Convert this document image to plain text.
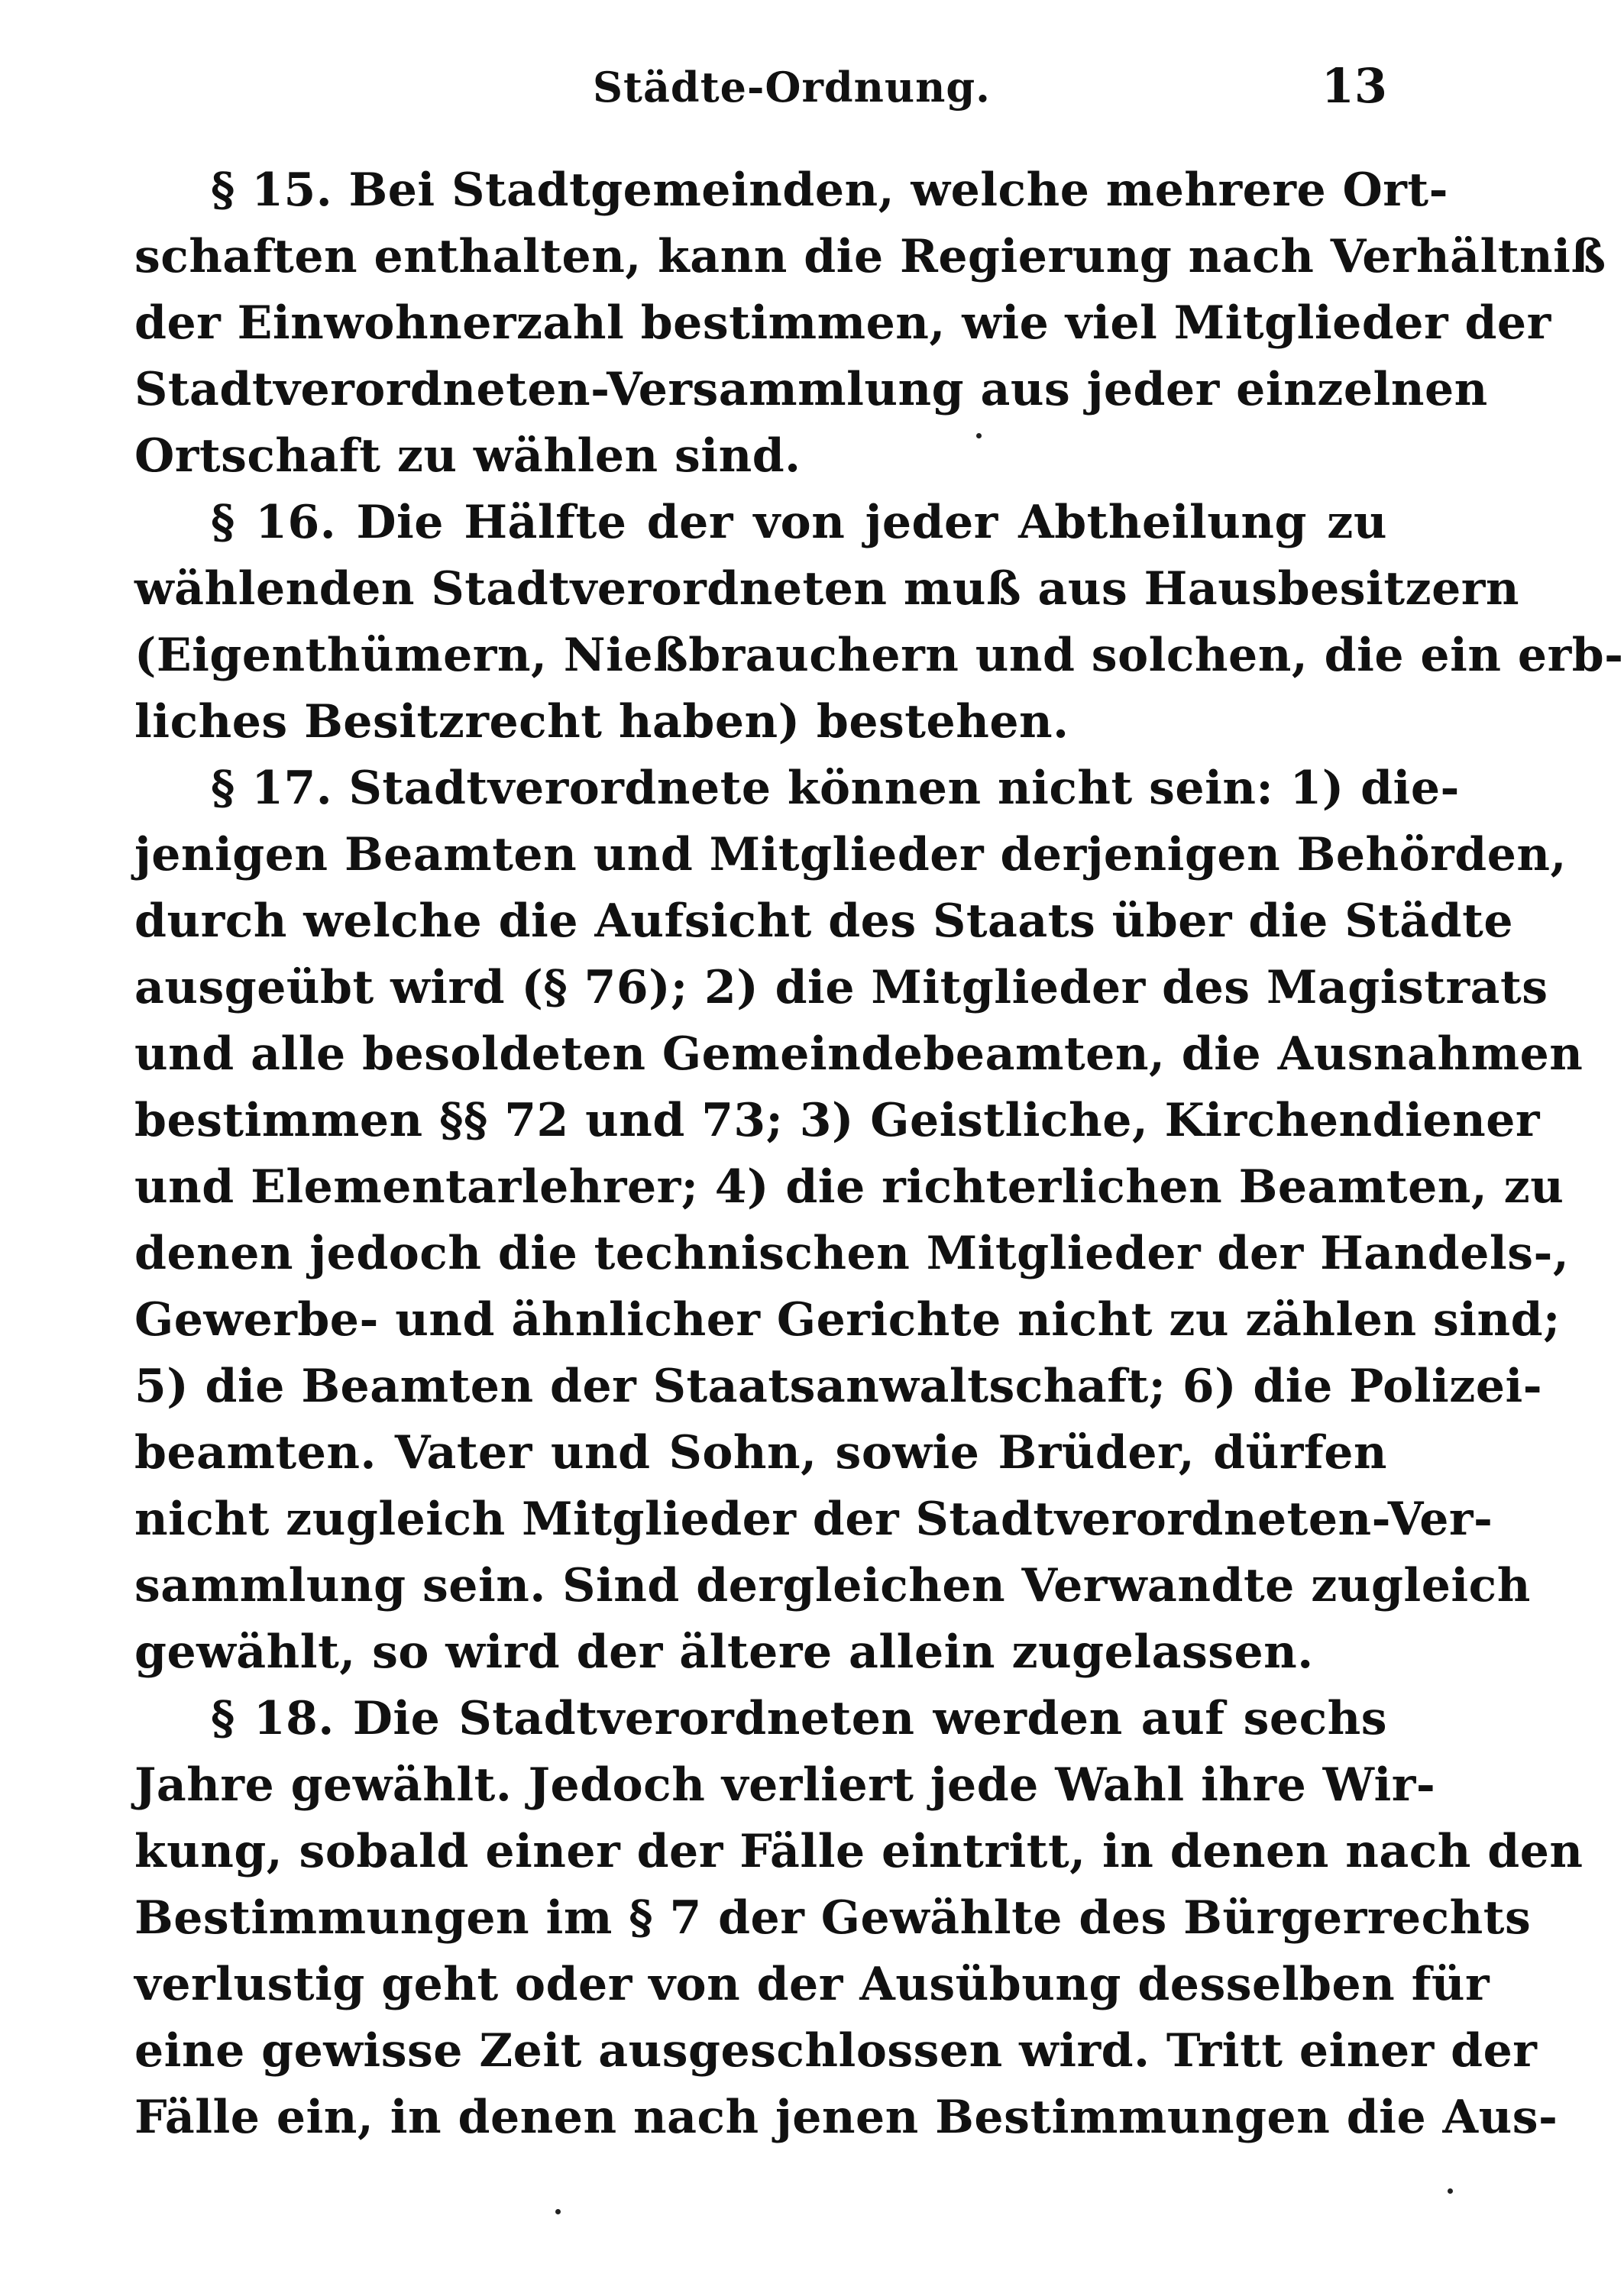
Städte-Ordnung.	13
§ 15. Bei Stadtgemeinden, welche mehrere Ort-
schaften enthalten, kann die Regierung nach Verhältniß
der Einwohnerzahl bestimmen, wie viel Mitglieder der
Stadtverordneten-Versammlung aus jeder einzelnen
Ortschaft zu wählen sind.
§ 16. Die Hälfte der von jeder Abtheilung zu
wählenden Stadtverordneten muß aus Hausbesitzern
(Eigenthümern, Nießbrauchern und solchen, die ein erb-
liches Besitzrecht haben) bestehen.
§ 17. Stadtverordnete können nicht sein: 1) die-
jenigen Beamten und Mitglieder derjenigen Behörden,
durch welche die Aufsicht des Staats über die Städte
ausgeübt wird (§ 76); 2) die Mitglieder des Magistrats
und alle besoldeten Gemeindebeamten, die Ausnahmen
bestimmen §§ 72 und 73; 3) Geistliche, Kirchendiener
und Elementarlehrer; 4) die richterlichen Beamten, zu
denen jedoch die technischen Mitglieder der Handels-,
Gewerbe- und ähnlicher Gerichte nicht zu zählen sind;
5) die Beamten der Staatsanwaltschaft; 6) die Polizei-
beamten. Vater und Sohn, sowie Brüder, dürfen
nicht zugleich Mitglieder der Stadtverordneten-Ver-
sammlung sein. Sind dergleichen Verwandte zugleich
gewählt, so wird der ältere allein zugelassen.
§ 18. Die Stadtverordneten werden auf sechs
Jahre gewählt. Jedoch verliert jede Wahl ihre Wir-
kung, sobald einer der Fälle eintritt, in denen nach den
Bestimmungen im § 7 der Gewählte des Bürgerrechts
verlustig geht oder von der Ausübung desselben für
eine gewisse Zeit ausgeschlossen wird. Tritt einer der
Fälle ein, in denen nach jenen Bestimmungen die Aus-
